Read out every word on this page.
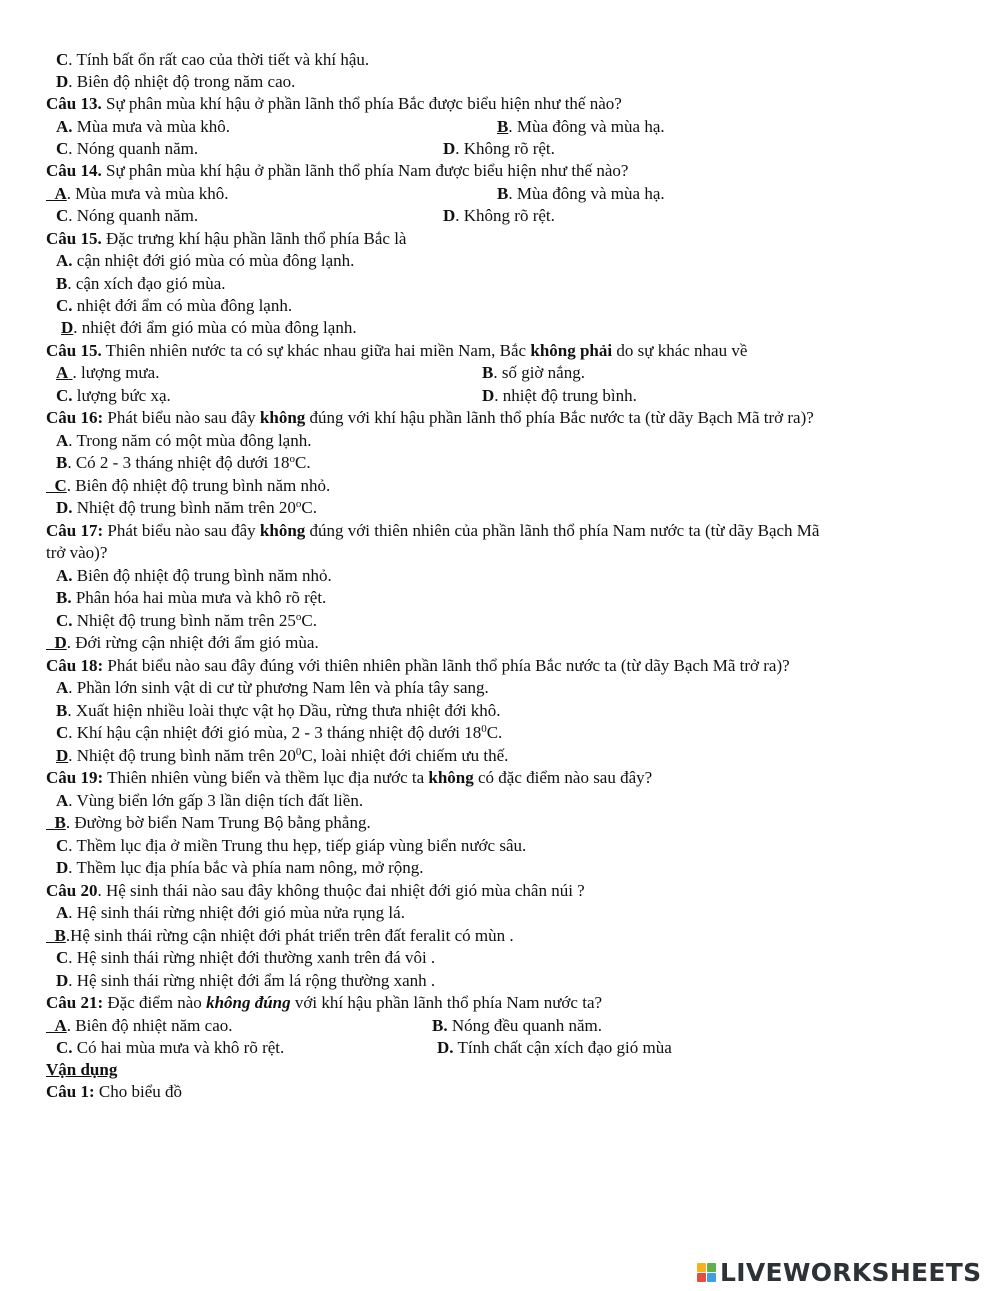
C. Tính bất ổn rất cao của thời tiết và khí hậu.
D. Biên độ nhiệt độ trong năm cao.
Câu 13. Sự phân mùa khí hậu ở phần lãnh thổ phía Bắc được biểu hiện như thế nào?
A. Mùa mưa và mùa khô.	B. Mùa đông và mùa hạ.
C. Nóng quanh năm.	D. Không rõ rệt.
Câu 14. Sự phân mùa khí hậu ở phần lãnh thổ phía Nam được biểu hiện như thế nào?
A. Mùa mưa và mùa khô.	B. Mùa đông và mùa hạ.
C. Nóng quanh năm.	D. Không rõ rệt.
Câu 15. Đặc trưng khí hậu phần lãnh thổ phía Bắc là
A. cận nhiệt đới gió mùa có mùa đông lạnh.
B. cận xích đạo gió mùa.
C. nhiệt đới ẩm có mùa đông lạnh.
D. nhiệt đới ẩm gió mùa có mùa đông lạnh.
Câu 15. Thiên nhiên nước ta có sự khác nhau giữa hai miền Nam, Bắc không phải do sự khác nhau về
A . lượng mưa.	B. số giờ nắng.
C. lượng bức xạ.	D. nhiệt độ trung bình.
Câu 16: Phát biểu nào sau đây không đúng với khí hậu phần lãnh thổ phía Bắc nước ta (từ dãy Bạch Mã trở ra)?
A. Trong năm có một mùa đông lạnh.
B. Có 2 - 3 tháng nhiệt độ dưới 18$^o$C.
C. Biên độ nhiệt độ trung bình năm nhỏ.
D. Nhiệt độ trung bình năm trên 20$^o$C.
Câu 17: Phát biểu nào sau đây không đúng với thiên nhiên của phần lãnh thổ phía Nam nước ta (từ dãy Bạch Mã
trở vào)?
A. Biên độ nhiệt độ trung bình năm nhỏ.
B. Phân hóa hai mùa mưa và khô rõ rệt.
C. Nhiệt độ trung bình năm trên 25$^o$C.
D. Đới rừng cận nhiệt đới ẩm gió mùa.
Câu 18: Phát biểu nào sau đây đúng với thiên nhiên phần lãnh thổ phía Bắc nước ta (từ dãy Bạch Mã trở ra)?
A. Phần lớn sinh vật di cư từ phương Nam lên và phía tây sang.
B. Xuất hiện nhiều loài thực vật họ Dầu, rừng thưa nhiệt đới khô.
C. Khí hậu cận nhiệt đới gió mùa, 2 - 3 tháng nhiệt độ dưới $18^0C$.
D. Nhiệt độ trung bình năm trên $20^0C$, loài nhiệt đới chiếm ưu thế.
Câu 19: Thiên nhiên vùng biển và thềm lục địa nước ta không có đặc điểm nào sau đây?
A. Vùng biển lớn gấp 3 lần diện tích đất liền.
B. Đường bờ biển Nam Trung Bộ bằng phẳng.
C. Thềm lục địa ở miền Trung thu hẹp, tiếp giáp vùng biển nước sâu.
D. Thềm lục địa phía bắc và phía nam nông, mở rộng.
Câu 20. Hệ sinh thái nào sau đây không thuộc đai nhiệt đới gió mùa chân núi ?
A. Hệ sinh thái rừng nhiệt đới gió mùa nửa rụng lá.
B.Hệ sinh thái rừng cận nhiệt đới phát triển trên đất feralit có mùn .
C. Hệ sinh thái rừng nhiệt đới thường xanh trên đá vôi .
D. Hệ sinh thái rừng nhiệt đới ẩm lá rộng thường xanh .
Câu 21: Đặc điểm nào không đúng với khí hậu phần lãnh thổ phía Nam nước ta?
A. Biên độ nhiệt năm cao.	B. Nóng đều quanh năm.
C. Có hai mùa mưa và khô rõ rệt.	D. Tính chất cận xích đạo gió mùa
Vận dụng
Câu 1: Cho biểu đồ
LIVEWORKSHEETS
